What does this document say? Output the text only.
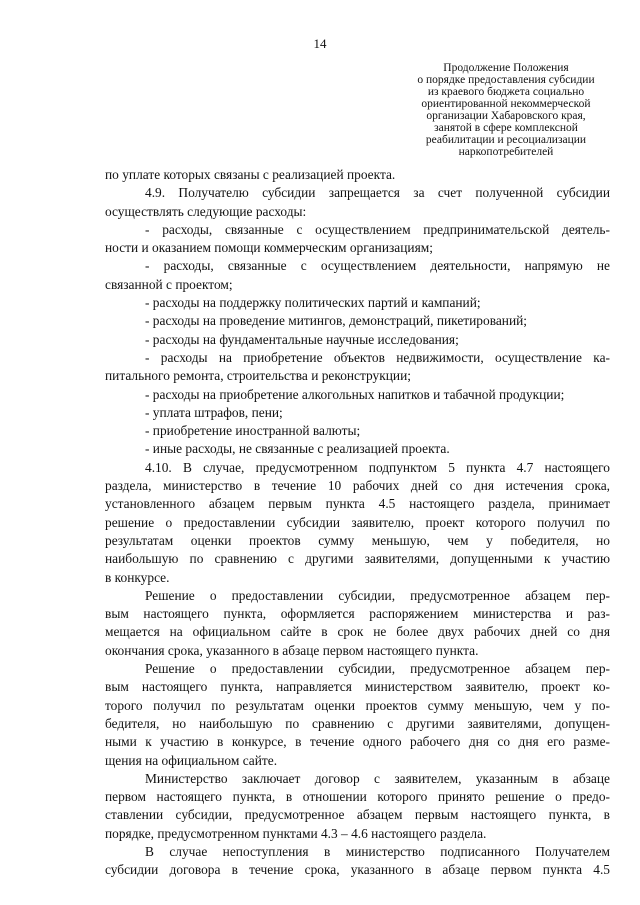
14
Продолжение Положения
о порядке предоставления субсидии
из краевого бюджета социально
ориентированной некоммерческой
организации Хабаровского края,
занятой в сфере комплексной
реабилитации и ресоциализации
наркопотребителей
по уплате которых связаны с реализацией проекта.
4.9. Получателю субсидии запрещается за счет полученной субсидии
осуществлять следующие расходы:
- расходы, связанные с осуществлением предпринимательской деятель-
ности и оказанием помощи коммерческим организациям;
- расходы, связанные с осуществлением деятельности, напрямую не
связанной с проектом;
- расходы на поддержку политических партий и кампаний;
- расходы на проведение митингов, демонстраций, пикетирований;
- расходы на фундаментальные научные исследования;
- расходы на приобретение объектов недвижимости, осуществление ка-
питального ремонта, строительства и реконструкции;
- расходы на приобретение алкогольных напитков и табачной продукции;
- уплата штрафов, пени;
- приобретение иностранной валюты;
- иные расходы, не связанные с реализацией проекта.
4.10. В случае, предусмотренном подпунктом 5 пункта 4.7 настоящего
раздела, министерство в течение 10 рабочих дней со дня истечения срока,
установленного абзацем первым пункта 4.5 настоящего раздела, принимает
решение о предоставлении субсидии заявителю, проект которого получил по
результатам оценки проектов сумму меньшую, чем у победителя, но
наибольшую по сравнению с другими заявителями, допущенными к участию
в конкурсе.
Решение о предоставлении субсидии, предусмотренное абзацем пер-
вым настоящего пункта, оформляется распоряжением министерства и раз-
мещается на официальном сайте в срок не более двух рабочих дней со дня
окончания срока, указанного в абзаце первом настоящего пункта.
Решение о предоставлении субсидии, предусмотренное абзацем пер-
вым настоящего пункта, направляется министерством заявителю, проект ко-
торого получил по результатам оценки проектов сумму меньшую, чем у по-
бедителя, но наибольшую по сравнению с другими заявителями, допущен-
ными к участию в конкурсе, в течение одного рабочего дня со дня его разме-
щения на официальном сайте.
Министерство заключает договор с заявителем, указанным в абзаце
первом настоящего пункта, в отношении которого принято решение о предо-
ставлении субсидии, предусмотренное абзацем первым настоящего пункта, в
порядке, предусмотренном пунктами 4.3 – 4.6 настоящего раздела.
В случае непоступления в министерство подписанного Получателем
субсидии договора в течение срока, указанного в абзаце первом пункта 4.5
